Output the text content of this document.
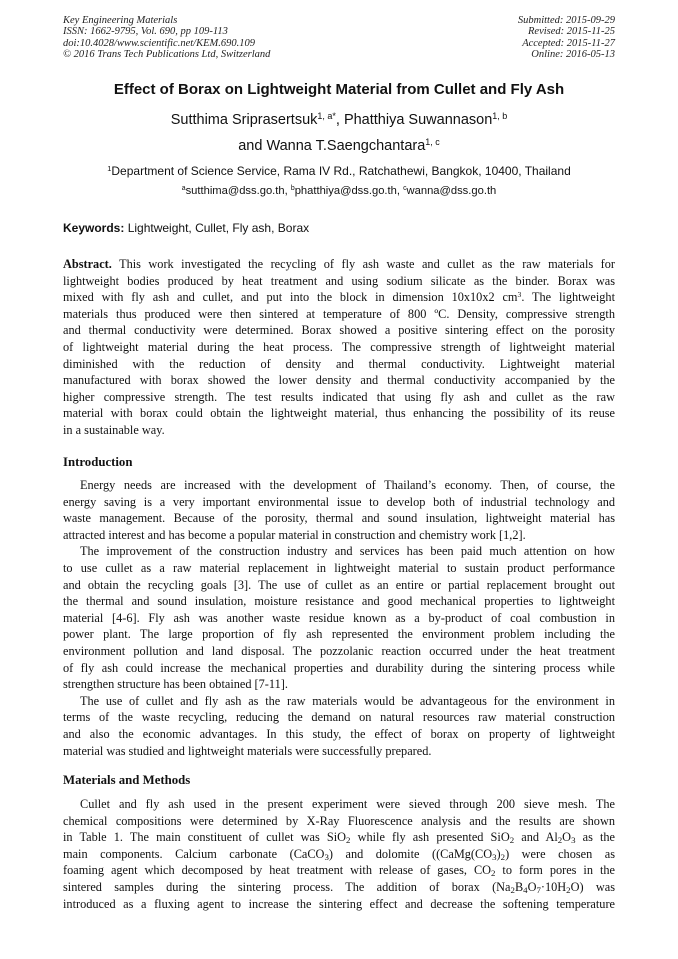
Key Engineering Materials
ISSN: 1662-9795, Vol. 690, pp 109-113
doi:10.4028/www.scientific.net/KEM.690.109
© 2016 Trans Tech Publications Ltd, Switzerland
Submitted: 2015-09-29
Revised: 2015-11-25
Accepted: 2015-11-27
Online: 2016-05-13
Effect of Borax on Lightweight Material from Cullet and Fly Ash
Sutthima Sriprasertsuk$^{1, a*}$, Phatthiya Suwannason$^{1, b}$
and Wanna T.Saengchantara$^{1, c}$
$^1$Department of Science Service, Rama IV Rd., Ratchathewi, Bangkok, 10400, Thailand
$^a$sutthima@dss.go.th, $^b$phatthiya@dss.go.th, $^c$wanna@dss.go.th
Keywords: Lightweight, Cullet, Fly ash, Borax
Abstract. This work investigated the recycling of fly ash waste and cullet as the raw materials for
lightweight bodies produced by heat treatment and using sodium silicate as the binder. Borax was
mixed with fly ash and cullet, and put into the block in dimension 10x10x2 $cm^3$. The lightweight
materials thus produced were then sintered at temperature of 800 ºC. Density, compressive strength
and thermal conductivity were determined. Borax showed a positive sintering effect on the porosity
of lightweight material during the heat process. The compressive strength of lightweight material
diminished with the reduction of density and thermal conductivity. Lightweight material
manufactured with borax showed the lower density and thermal conductivity accompanied by the
higher compressive strength. The test results indicated that using fly ash and cullet as the raw
material with borax could obtain the lightweight material, thus enhancing the possibility of its reuse
in a sustainable way.
Introduction
Energy needs are increased with the development of Thailand’s economy. Then, of course, the
energy saving is a very important environmental issue to develop both of industrial technology and
waste management. Because of the porosity, thermal and sound insulation, lightweight material has
attracted interest and has become a popular material in construction and chemistry work [1,2].
The improvement of the construction industry and services has been paid much attention on how
to use cullet as a raw material replacement in lightweight material to sustain product performance
and obtain the recycling goals [3]. The use of cullet as an entire or partial replacement brought out
the thermal and sound insulation, moisture resistance and good mechanical properties to lightweight
material [4-6]. Fly ash was another waste residue known as a by-product of coal combustion in
power plant. The large proportion of fly ash represented the environment problem including the
environment pollution and land disposal. The pozzolanic reaction occurred under the heat treatment
of fly ash could increase the mechanical properties and durability during the sintering process while
strengthen structure has been obtained [7-11].
The use of cullet and fly ash as the raw materials would be advantageous for the environment in
terms of the waste recycling, reducing the demand on natural resources raw material construction
and also the economic advantages. In this study, the effect of borax on property of lightweight
material was studied and lightweight materials were successfully prepared.
Materials and Methods
Cullet and fly ash used in the present experiment were sieved through 200 sieve mesh. The
chemical compositions were determined by X-Ray Fluorescence analysis and the results are shown
in Table 1. The main constituent of cullet was SiO$_2$ while fly ash presented SiO$_2$ and $Al_2O_3$ as the
main components. Calcium carbonate (CaCO$_3$) and dolomite ($(CaMg(CO_3)_2)$ were chosen as
foaming agent which decomposed by heat treatment with release of gases, $CO_2$ to form pores in the
sintered samples during the sintering process. The addition of borax $(Na_2B_4O_7\cdot 10H_2O)$ was
introduced as a fluxing agent to increase the sintering effect and decrease the softening temperature
